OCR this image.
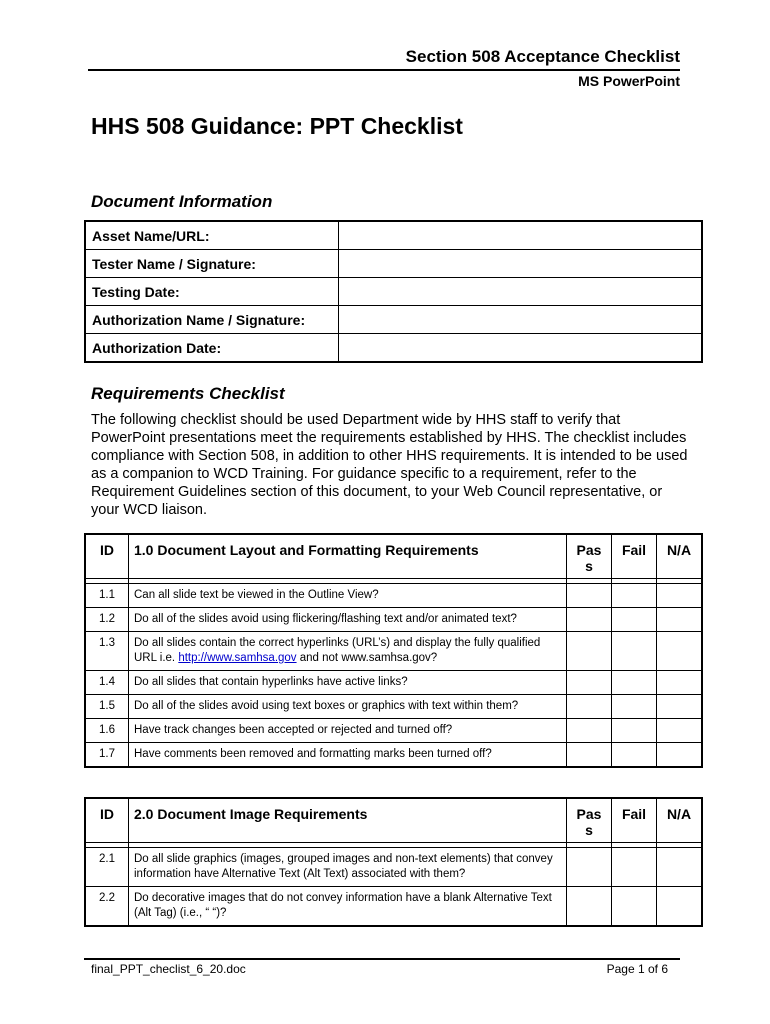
Section 508 Acceptance Checklist
MS PowerPoint
HHS 508 Guidance: PPT Checklist
Document Information
Asset Name/URL:	
Tester Name / Signature:	
Testing Date:	
Authorization Name / Signature:	
Authorization Date:	
Requirements Checklist
The following checklist should be used Department wide by HHS staff to verify that PowerPoint presentations meet the requirements established by HHS. The checklist includes compliance with Section 508, in addition to other HHS requirements. It is intended to be used as a companion to WCD Training. For guidance specific to a requirement, refer to the Requirement Guidelines section of this document, to your Web Council representative, or your WCD liaison.
ID	1.0 Document Layout and Formatting Requirements	Pas s	Fail	N/A

1.1	Can all slide text be viewed in the Outline View?			
1.2	Do all of the slides avoid using flickering/flashing text and/or animated text?			
1.3	Do all slides contain the correct hyperlinks (URL’s) and display the fully qualified URL i.e. http://www.samhsa.gov and not www.samhsa.gov?			
1.4	Do all slides that contain hyperlinks have active links?			
1.5	Do all of the slides avoid using text boxes or graphics with text within them?			
1.6	Have track changes been accepted or rejected and turned off?			
1.7	Have comments been removed and formatting marks been turned off?			
ID	2.0 Document Image Requirements	Pas s	Fail	N/A

2.1	Do all slide graphics (images, grouped images and non-text elements) that convey information have Alternative Text (Alt Text) associated with them?			
2.2	Do decorative images that do not convey information have a blank Alternative Text (Alt Tag) (i.e., “ “)?			
final_PPT_checlist_6_20.doc	Page 1 of 6
